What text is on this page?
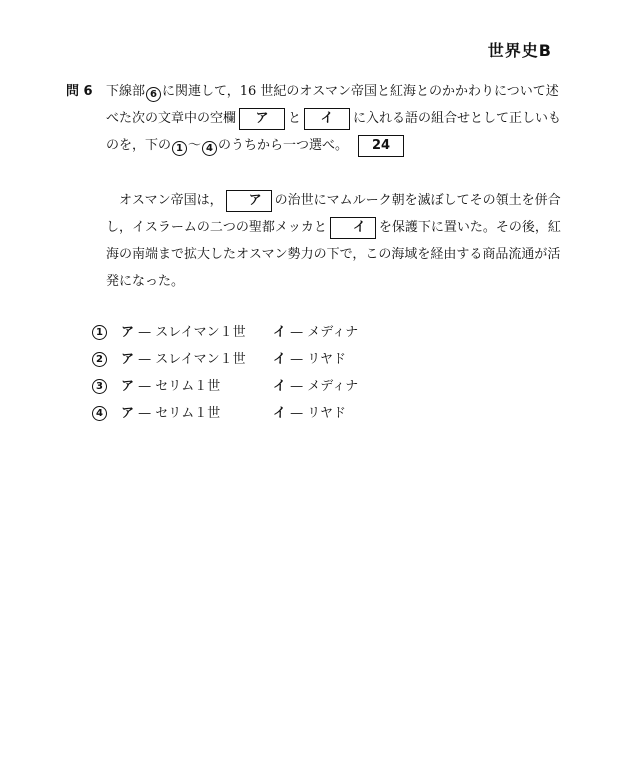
世界史B
問 6	下線部 6 に関連して，16 世紀のオスマン帝国と紅海とのかかわりについて述べた次の文章中の空欄 ア と イ に入れる語の組合せとして正しいものを，下の 1 〜 4 のうちから一つ選べ。 24
オスマン帝国は， ア の治世にマムルーク朝を滅ぼしてその領土を併合し，イスラームの二つの聖都メッカと イ を保護下に置いた。その後，紅海の南端まで拡大したオスマン勢力の下で，この海域を経由する商品流通が活発になった。
1	ア — スレイマン１世	イ — メディナ
2	ア — スレイマン１世	イ — リヤド
3	ア — セリム１世	イ — メディナ
4	ア — セリム１世	イ — リヤド
